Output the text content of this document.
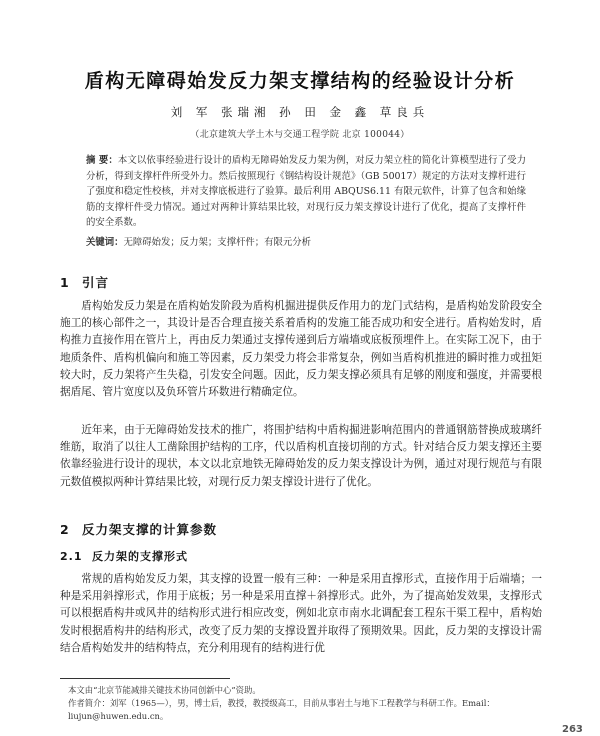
盾构无障碍始发反力架支撑结构的经验设计分析
刘 军 张瑞湘 孙 田 金 鑫 草良兵
（北京建筑大学土木与交通工程学院 北京 100044）
摘 要：本文以依事经验进行设计的盾构无障碍始发反力架为例，对反力架立柱的简化计算模型进行了受力分析，得到支撑杆件所受外力。然后按照现行《钢结构设计规范》（GB 50017）规定的方法对支撑杆进行了强度和稳定性校核，并对支撑底板进行了验算。最后利用 ABQUS6.11 有限元软件，计算了包含和始缘筋的支撑杆件受力情况。通过对两种计算结果比较，对现行反力架支撑设计进行了优化，提高了支撑杆件的安全系数。
关键词：无障碍始发；反力架；支撑杆件；有限元分析
1 引言
盾构始发反力架是在盾构始发阶段为盾构机掘进提供反作用力的龙门式结构，是盾构始发阶段安全施工的核心部件之一，其设计是否合理直接关系着盾构的发施工能否成功和安全进行。盾构始发时，盾构推力直接作用在管片上，再由反力架通过支撑传递到后方端墙或底板预埋件上。在实际工况下，由于地质条件、盾构机偏向和施工等因素，反力架受力将会非常复杂，例如当盾构机推进的瞬时推力或扭矩较大时，反力架将产生失稳，引发安全问题。因此，反力架支撑必须具有足够的刚度和强度，并需要根据盾尾、管片宽度以及负环管片环数进行精确定位。
近年来，由于无障碍始发技术的推广，将围护结构中盾构掘进影响范围内的普通钢筋替换成玻璃纤维筋，取消了以往人工凿除围护结构的工序，代以盾构机直接切削的方式。针对结合反力架支撑还主要依靠经验进行设计的现状，本文以北京地铁无障碍始发的反力架支撑设计为例，通过对现行规范与有限元数值模拟两种计算结果比较，对现行反力架支撑设计进行了优化。
2 反力架支撑的计算参数
2.1 反力架的支撑形式
常规的盾构始发反力架，其支撑的设置一般有三种：一种是采用直撑形式，直接作用于后端墙；一种是采用斜撑形式，作用于底板；另一种是采用直撑＋斜撑形式。此外，为了提高始发效果，支撑形式可以根据盾构井或风井的结构形式进行相应改变，例如北京市南水北调配套工程东干渠工程中，盾构始发时根据盾构井的结构形式，改变了反力架的支撑设置并取得了预期效果。因此，反力架的支撑设计需结合盾构始发井的结构特点，充分利用现有的结构进行优
本文由“北京节能减排关键技术协同创新中心”资助。
作者简介：刘军（1965—），男，博士后，教授，教授级高工，目前从事岩土与地下工程教学与科研工作。Email：liujun@huwen.edu.cn。
263
